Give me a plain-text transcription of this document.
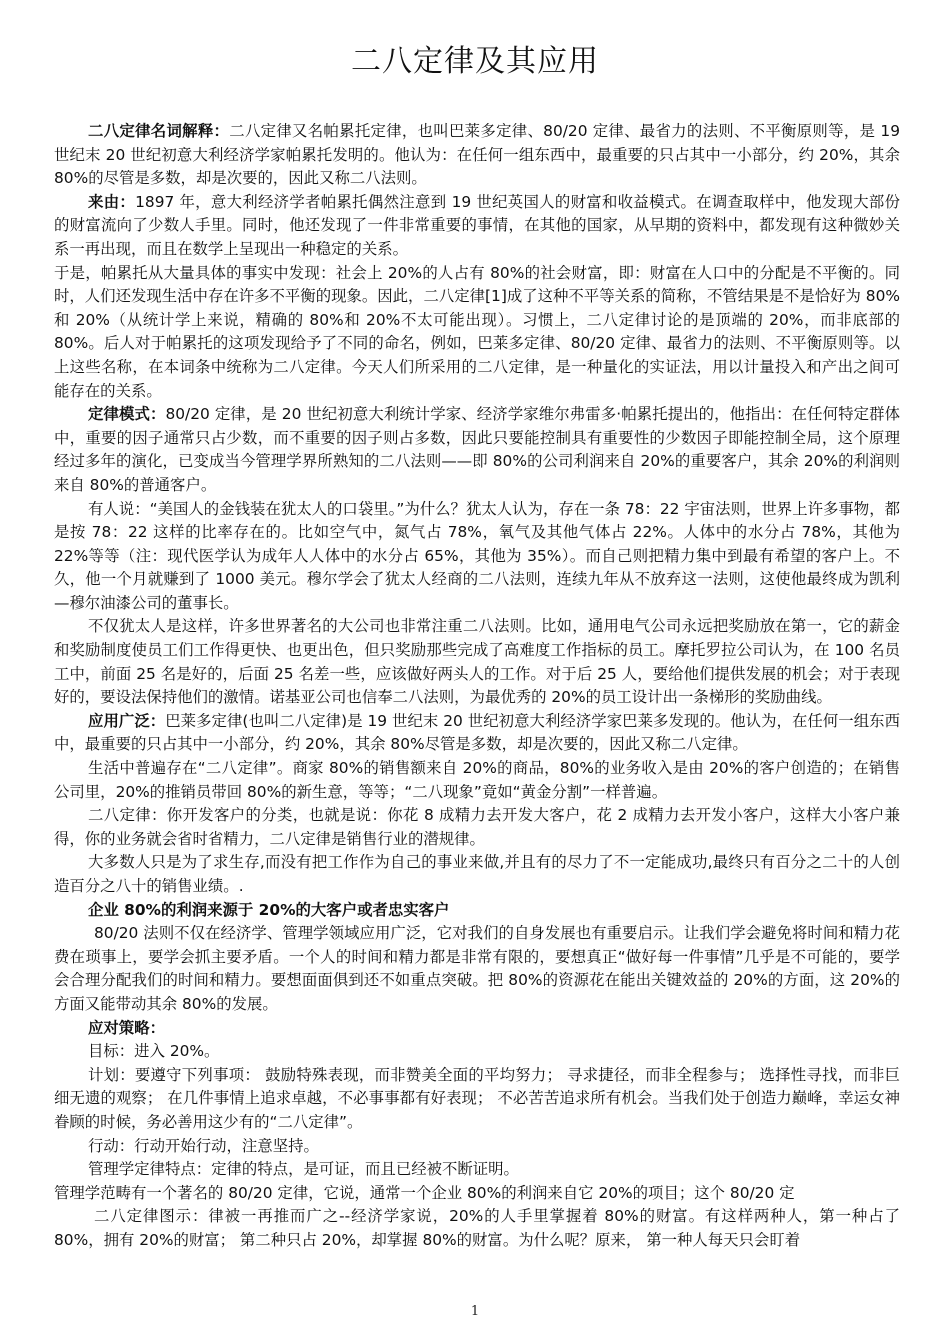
二八定律及其应用

二八定律名词解释：二八定律又名帕累托定律，也叫巴莱多定律、80/20 定律、最省力的法则、不平衡原则等，是 19 世纪末 20 世纪初意大利经济学家帕累托发明的。他认为：在任何一组东西中，最重要的只占其中一小部分，约 20%，其余 80%的尽管是多数，却是次要的，因此又称二八法则。

来由：1897 年，意大利经济学者帕累托偶然注意到 19 世纪英国人的财富和收益模式。在调查取样中，他发现大部份的财富流向了少数人手里。同时，他还发现了一件非常重要的事情，在其他的国家，从早期的资料中，都发现有这种微妙关系一再出现，而且在数学上呈现出一种稳定的关系。

于是，帕累托从大量具体的事实中发现：社会上 20%的人占有 80%的社会财富，即：财富在人口中的分配是不平衡的。同时，人们还发现生活中存在许多不平衡的现象。因此，二八定律[1]成了这种不平等关系的简称，不管结果是不是恰好为 80%和 20%（从统计学上来说，精确的 80%和 20%不太可能出现）。习惯上，二八定律讨论的是顶端的 20%，而非底部的 80%。后人对于帕累托的这项发现给予了不同的命名，例如，巴莱多定律、80/20 定律、最省力的法则、不平衡原则等。以上这些名称，在本词条中统称为二八定律。今天人们所采用的二八定律，是一种量化的实证法，用以计量投入和产出之间可能存在的关系。

定律模式：80/20 定律，是 20 世纪初意大利统计学家、经济学家维尔弗雷多·帕累托提出的，他指出：在任何特定群体中，重要的因子通常只占少数，而不重要的因子则占多数，因此只要能控制具有重要性的少数因子即能控制全局，这个原理经过多年的演化，已变成当今管理学界所熟知的二八法则——即 80%的公司利润来自 20%的重要客户，其余 20%的利润则来自 80%的普通客户。

有人说：“美国人的金钱装在犹太人的口袋里。”为什么？犹太人认为，存在一条 78：22 宇宙法则，世界上许多事物，都是按 78：22 这样的比率存在的。比如空气中，氮气占 78%，氧气及其他气体占 22%。人体中的水分占 78%，其他为 22%等等（注：现代医学认为成年人人体中的水分占 65%，其他为 35%）。而自己则把精力集中到最有希望的客户上。不久，他一个月就赚到了 1000 美元。穆尔学会了犹太人经商的二八法则，连续九年从不放弃这一法则，这使他最终成为凯利—穆尔油漆公司的董事长。

不仅犹太人是这样，许多世界著名的大公司也非常注重二八法则。比如，通用电气公司永远把奖励放在第一，它的薪金和奖励制度使员工们工作得更快、也更出色，但只奖励那些完成了高难度工作指标的员工。摩托罗拉公司认为，在 100 名员工中，前面 25 名是好的，后面 25 名差一些，应该做好两头人的工作。对于后 25 人，要给他们提供发展的机会；对于表现好的，要设法保持他们的激情。诺基亚公司也信奉二八法则，为最优秀的 20%的员工设计出一条梯形的奖励曲线。

应用广泛：巴莱多定律(也叫二八定律)是 19 世纪末 20 世纪初意大利经济学家巴莱多发现的。他认为，在任何一组东西中，最重要的只占其中一小部分，约 20%，其余 80%尽管是多数，却是次要的，因此又称二八定律。

生活中普遍存在“二八定律”。商家 80%的销售额来自 20%的商品，80%的业务收入是由 20%的客户创造的；在销售公司里，20%的推销员带回 80%的新生意，等等；“二八现象”竟如“黄金分割”一样普遍。

二八定律：你开发客户的分类，也就是说：你花 8 成精力去开发大客户，花 2 成精力去开发小客户，这样大小客户兼得，你的业务就会省时省精力，二八定律是销售行业的潜规律。

大多数人只是为了求生存,而没有把工作作为自己的事业来做,并且有的尽力了不一定能成功,最终只有百分之二十的人创造百分之八十的销售业绩。.

企业 80%的利润来源于 20%的大客户或者忠实客户

80/20 法则不仅在经济学、管理学领域应用广泛，它对我们的自身发展也有重要启示。让我们学会避免将时间和精力花费在琐事上，要学会抓主要矛盾。一个人的时间和精力都是非常有限的，要想真正“做好每一件事情”几乎是不可能的，要学会合理分配我们的时间和精力。要想面面俱到还不如重点突破。把 80%的资源花在能出关键效益的 20%的方面，这 20%的方面又能带动其余 80%的发展。

应对策略：

目标：进入 20%。

计划：要遵守下列事项： 鼓励特殊表现，而非赞美全面的平均努力； 寻求捷径，而非全程参与； 选择性寻找，而非巨细无遗的观察； 在几件事情上追求卓越，不必事事都有好表现； 不必苦苦追求所有机会。当我们处于创造力巅峰，幸运女神眷顾的时候，务必善用这少有的“二八定律”。

行动：行动开始行动，注意坚持。

管理学定律特点：定律的特点，是可证，而且已经被不断证明。

管理学范畴有一个著名的 80/20 定律，它说，通常一个企业 80%的利润来自它 20%的项目；这个 80/20 定

二八定律图示：律被一再推而广之--经济学家说，20%的人手里掌握着 80%的财富。有这样两种人，第一种占了 80%，拥有 20%的财富； 第二种只占 20%，却掌握 80%的财富。为什么呢？原来， 第一种人每天只会盯着

1
